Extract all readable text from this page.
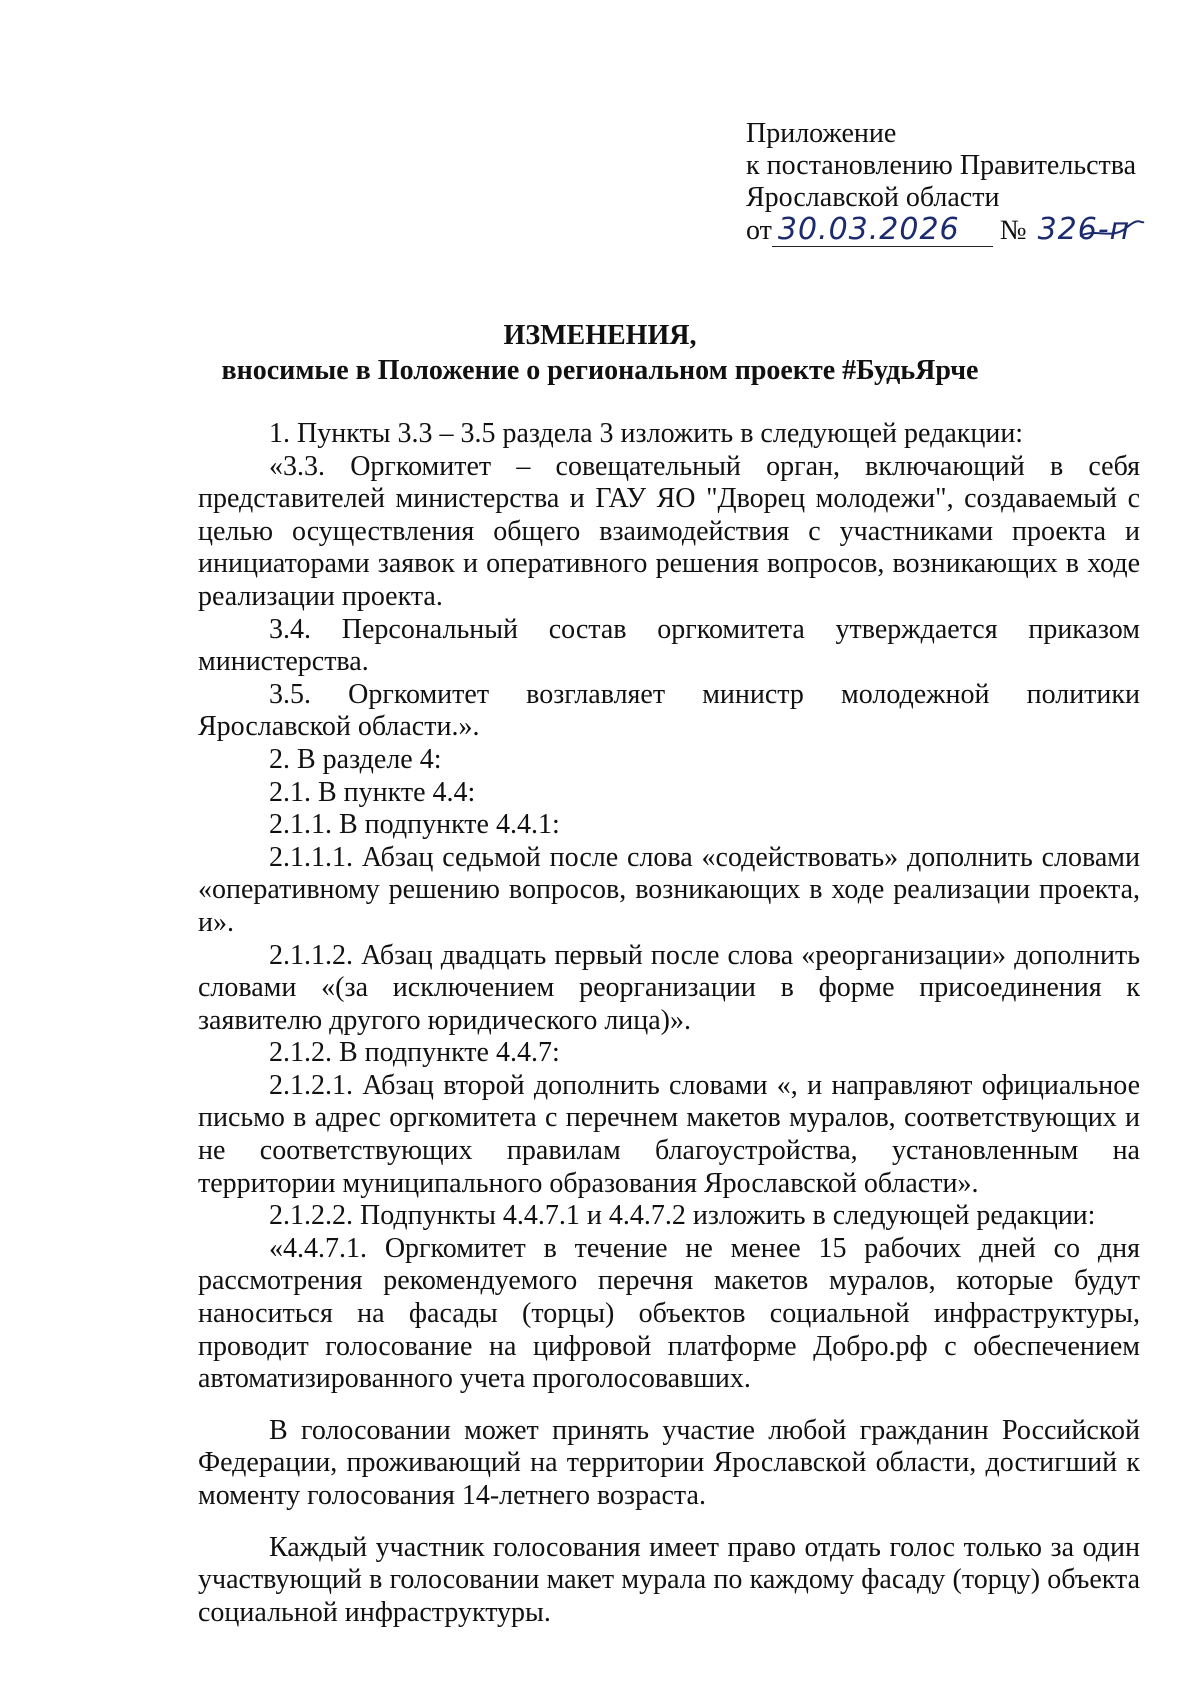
Приложение
к постановлению Правительства
Ярославской области
от 30.03.2026 № 326-п
ИЗМЕНЕНИЯ,
вносимые в Положение о региональном проекте #БудьЯрче

1. Пункты 3.3 – 3.5 раздела 3 изложить в следующей редакции:

«3.3. Оргкомитет – совещательный орган, включающий в себя представителей министерства и ГАУ ЯО "Дворец молодежи", создаваемый с целью осуществления общего взаимодействия с участниками проекта и инициаторами заявок и оперативного решения вопросов, возникающих в ходе реализации проекта.

3.4. Персональный состав оргкомитета утверждается приказом министерства.

3.5. Оргкомитет возглавляет министр молодежной политики Ярославской области.».

2. В разделе 4:

2.1. В пункте 4.4:

2.1.1. В подпункте 4.4.1:

2.1.1.1. Абзац седьмой после слова «содействовать» дополнить словами «оперативному решению вопросов, возникающих в ходе реализации проекта, и».

2.1.1.2. Абзац двадцать первый после слова «реорганизации» дополнить словами «(за исключением реорганизации в форме присоединения к заявителю другого юридического лица)».

2.1.2. В подпункте 4.4.7:

2.1.2.1. Абзац второй дополнить словами «, и направляют официальное письмо в адрес оргкомитета с перечнем макетов муралов, соответствующих и не соответствующих правилам благоустройства, установленным на территории муниципального образования Ярославской области».

2.1.2.2. Подпункты 4.4.7.1 и 4.4.7.2 изложить в следующей редакции:

«4.4.7.1. Оргкомитет в течение не менее 15 рабочих дней со дня рассмотрения рекомендуемого перечня макетов муралов, которые будут наноситься на фасады (торцы) объектов социальной инфраструктуры, проводит голосование на цифровой платформе Добро.рф с обеспечением автоматизированного учета проголосовавших.

В голосовании может принять участие любой гражданин Российской Федерации, проживающий на территории Ярославской области, достигший к моменту голосования 14-летнего возраста.

Каждый участник голосования имеет право отдать голос только за один участвующий в голосовании макет мурала по каждому фасаду (торцу) объекта социальной инфраструктуры.
